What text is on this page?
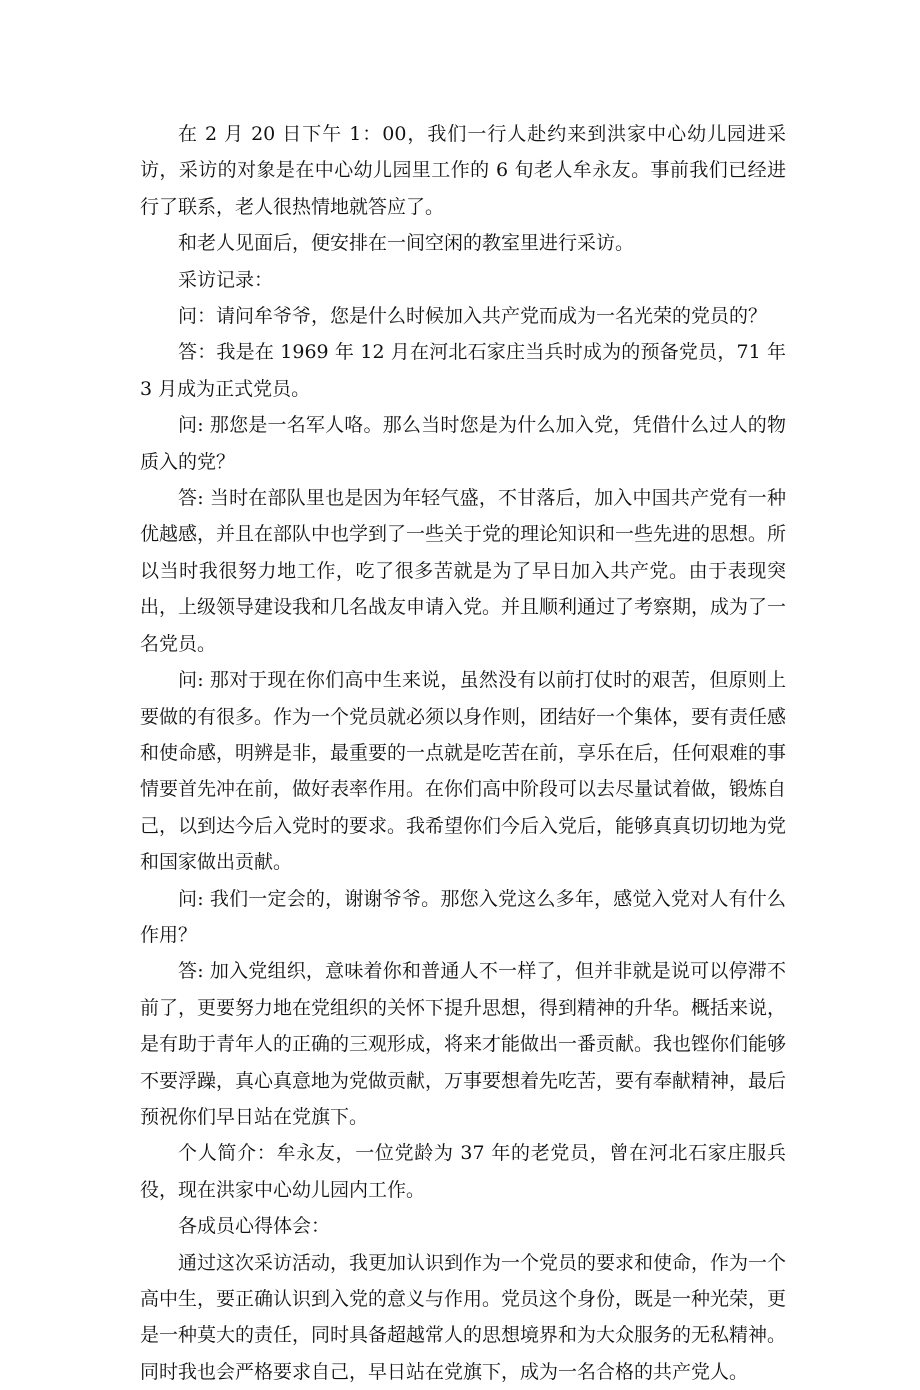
在 2 月 20 日下午 1：00，我们一行人赴约来到洪家中心幼儿园进采访，采访的对象是在中心幼儿园里工作的 6 旬老人牟永友。事前我们已经进行了联系，老人很热情地就答应了。

和老人见面后，便安排在一间空闲的教室里进行采访。

采访记录：

问：请问牟爷爷，您是什么时候加入共产党而成为一名光荣的党员的？

答：我是在 1969 年 12 月在河北石家庄当兵时成为的预备党员，71 年 3 月成为正式党员。

问: 那您是一名军人咯。那么当时您是为什么加入党，凭借什么过人的物质入的党？

答: 当时在部队里也是因为年轻气盛，不甘落后，加入中国共产党有一种优越感，并且在部队中也学到了一些关于党的理论知识和一些先进的思想。所以当时我很努力地工作，吃了很多苦就是为了早日加入共产党。由于表现突出，上级领导建设我和几名战友申请入党。并且顺利通过了考察期，成为了一名党员。

问: 那对于现在你们高中生来说，虽然没有以前打仗时的艰苦，但原则上要做的有很多。作为一个党员就必须以身作则，团结好一个集体，要有责任感和使命感，明辨是非，最重要的一点就是吃苦在前，享乐在后，任何艰难的事情要首先冲在前，做好表率作用。在你们高中阶段可以去尽量试着做，锻炼自己，以到达今后入党时的要求。我希望你们今后入党后，能够真真切切地为党和国家做出贡献。

问: 我们一定会的，谢谢爷爷。那您入党这么多年，感觉入党对人有什么作用？

答: 加入党组织，意味着你和普通人不一样了，但并非就是说可以停滞不前了，更要努力地在党组织的关怀下提升思想，得到精神的升华。概括来说，是有助于青年人的正确的三观形成，将来才能做出一番贡献。我也铿你们能够不要浮躁，真心真意地为党做贡献，万事要想着先吃苦，要有奉献精神，最后预祝你们早日站在党旗下。

个人简介：牟永友，一位党龄为 37 年的老党员，曾在河北石家庄服兵役，现在洪家中心幼儿园内工作。

各成员心得体会：

通过这次采访活动，我更加认识到作为一个党员的要求和使命，作为一个高中生，要正确认识到入党的意义与作用。党员这个身份，既是一种光荣，更是一种莫大的责任，同时具备超越常人的思想境界和为大众服务的无私精神。同时我也会严格要求自己，早日站在党旗下，成为一名合格的共产党人。
